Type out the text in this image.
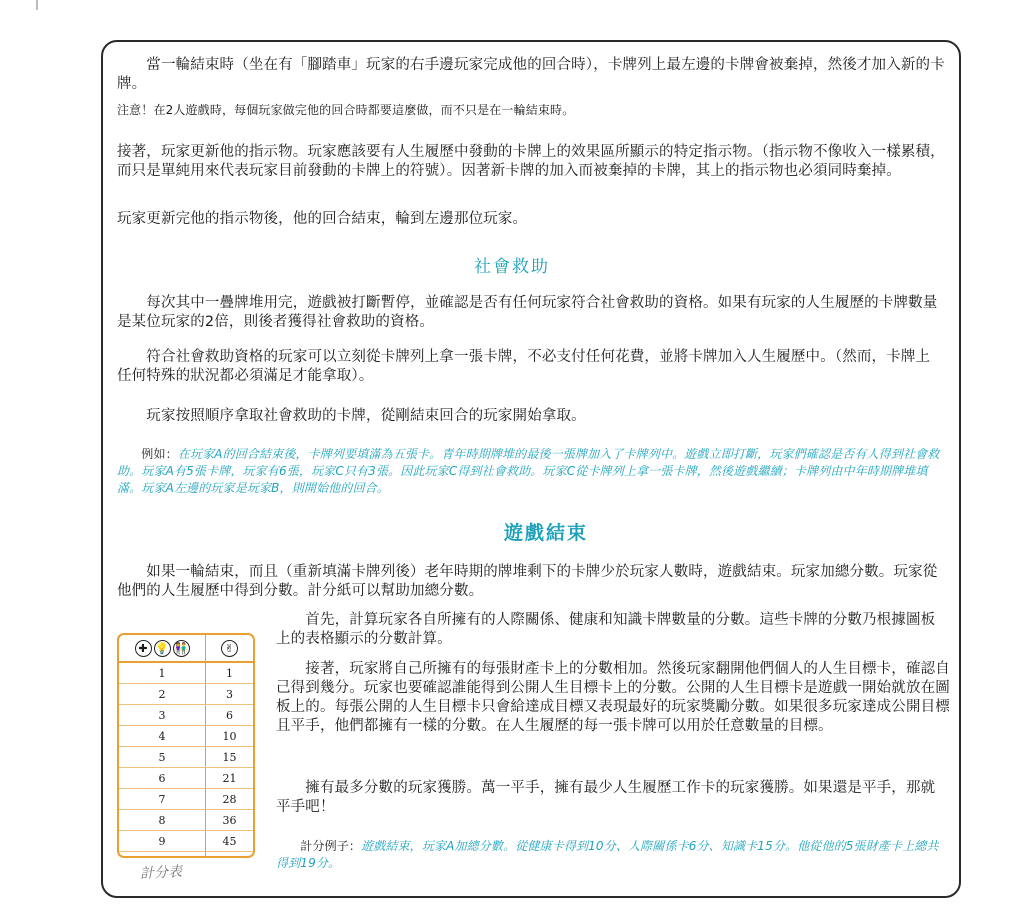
　　當一輪結束時（坐在有「腳踏車」玩家的右手邊玩家完成他的回合時），卡牌列上最左邊的卡牌會被棄掉，然後才加入新的卡牌。

注意！在2人遊戲時，每個玩家做完他的回合時都要這麼做，而不只是在一輪結束時。

接著，玩家更新他的指示物。玩家應該要有人生履歷中發動的卡牌上的效果區所顯示的特定指示物。（指示物不像收入一樣累積，而只是單純用來代表玩家目前發動的卡牌上的符號）。因著新卡牌的加入而被棄掉的卡牌，其上的指示物也必須同時棄掉。

玩家更新完他的指示物後，他的回合結束，輪到左邊那位玩家。

社會救助

　　每次其中一疊牌堆用完，遊戲被打斷暫停，並確認是否有任何玩家符合社會救助的資格。如果有玩家的人生履歷的卡牌數量是某位玩家的2倍，則後者獲得社會救助的資格。

　　符合社會救助資格的玩家可以立刻從卡牌列上拿一張卡牌，不必支付任何花費，並將卡牌加入人生履歷中。（然而，卡牌上任何特殊的狀況都必須滿足才能拿取）。

　　玩家按照順序拿取社會救助的卡牌，從剛結束回合的玩家開始拿取。

　　例如：在玩家A的回合結束後，卡牌列要填滿為五張卡。青年時期牌堆的最後一張牌加入了卡牌列中。遊戲立即打斷，玩家們確認是否有人得到社會救助。玩家A有5張卡牌，玩家有6張，玩家C只有3張。因此玩家C得到社會救助。玩家C從卡牌列上拿一張卡牌，然後遊戲繼續；卡牌列由中年時期牌堆填滿。玩家A左邊的玩家是玩家B，則開始他的回合。

遊戲結束

　　如果一輪結束，而且（重新填滿卡牌列後）老年時期的牌堆剩下的卡牌少於玩家人數時，遊戲結束。玩家加總分數。玩家從他們的人生履歷中得到分數。計分紙可以幫助加總分數。

　　首先，計算玩家各自所擁有的人際關係、健康和知識卡牌數量的分數。這些卡牌的分數乃根據圖板上的表格顯示的分數計算。

　　接著，玩家將自己所擁有的每張財產卡上的分數相加。然後玩家翻開他們個人的人生目標卡，確認自己得到幾分。玩家也要確認誰能得到公開人生目標卡上的分數。公開的人生目標卡是遊戲一開始就放在圖板上的。每張公開的人生目標卡只會給達成目標又表現最好的玩家獎勵分數。如果很多玩家達成公開目標且平手，他們都擁有一樣的分數。在人生履歷的每一張卡牌可以用於任意數量的目標。

　　擁有最多分數的玩家獲勝。萬一平手，擁有最少人生履歷工作卡的玩家獲勝。如果還是平手，那就平手吧！

　　計分例子：遊戲結束，玩家A加總分數。從健康卡得到10分、人際關係卡6分、知識卡15分。他從他的5張財產卡上總共得到19分。

✚ 💡 👫	✌
1	1
2	3
3	6
4	10
5	15
6	21
7	28
8	36
9	45
計分表
